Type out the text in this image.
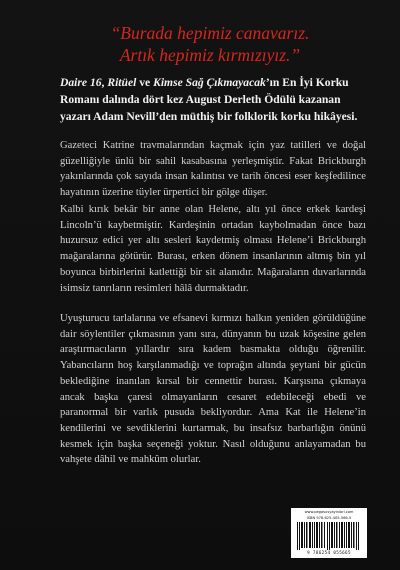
“Burada hepimiz canavarız.
Artık hepimiz kırmızıyız.”
Daire 16, Ritüel ve Kimse Sağ Çıkmayacak’ın En İyi Korku Romanı dalında dört kez August Derleth Ödülü kazanan yazarı Adam Nevill’den müthiş bir folklorik korku hikâyesi.
Gazeteci Katrine travmalarından kaçmak için yaz tatilleri ve doğal güzelliğiyle ünlü bir sahil kasabasına yerleşmiştir. Fakat Brickburgh yakınlarında çok sayıda insan kalıntısı ve tarih öncesi eser keşfedilince hayatının üzerine tüyler ürpertici bir gölge düşer.
Kalbi kırık bekâr bir anne olan Helene, altı yıl önce erkek kardeşi Lincoln’ü kaybetmiştir. Kardeşinin ortadan kaybolmadan önce bazı huzursuz edici yer altı sesleri kaydetmiş olması Helene’i Brickburgh mağaralarına götürür. Burası, erken dönem insanlarının altmış bin yıl boyunca birbirlerini katlettiği bir sit alanıdır. Mağaraların duvarlarında isimsiz tanrıların resimleri hâlâ durmaktadır.
Uyuşturucu tarlalarına ve efsanevi kırmızı halkın yeniden görüldüğüne dair söylentiler çıkmasının yanı sıra, dünyanın bu uzak köşesine gelen araştırmacıların yıllardır sıra kadem basmakta olduğu öğrenilir. Yabancıların hoş karşılanmadığı ve toprağın altında şeytani bir gücün beklediğine inanılan kırsal bir cennettir burası. Karşısına çıkmaya ancak başka çaresi olmayanların cesaret edebileceği ebedi ve paranormal bir varlık pusuda bekliyordur. Ama Kat ile Helene’in kendilerini ve sevdiklerini kurtarmak, bu insafsız barbarlığın önünü kesmek için başka seçeneği yoktur. Nasıl olduğunu anlayamadan bu vahşete dâhil ve mahkûm olurlar.
www.pegasusyayinlari.com
ISBN 978-625-405-566-5
9 786254 055665
